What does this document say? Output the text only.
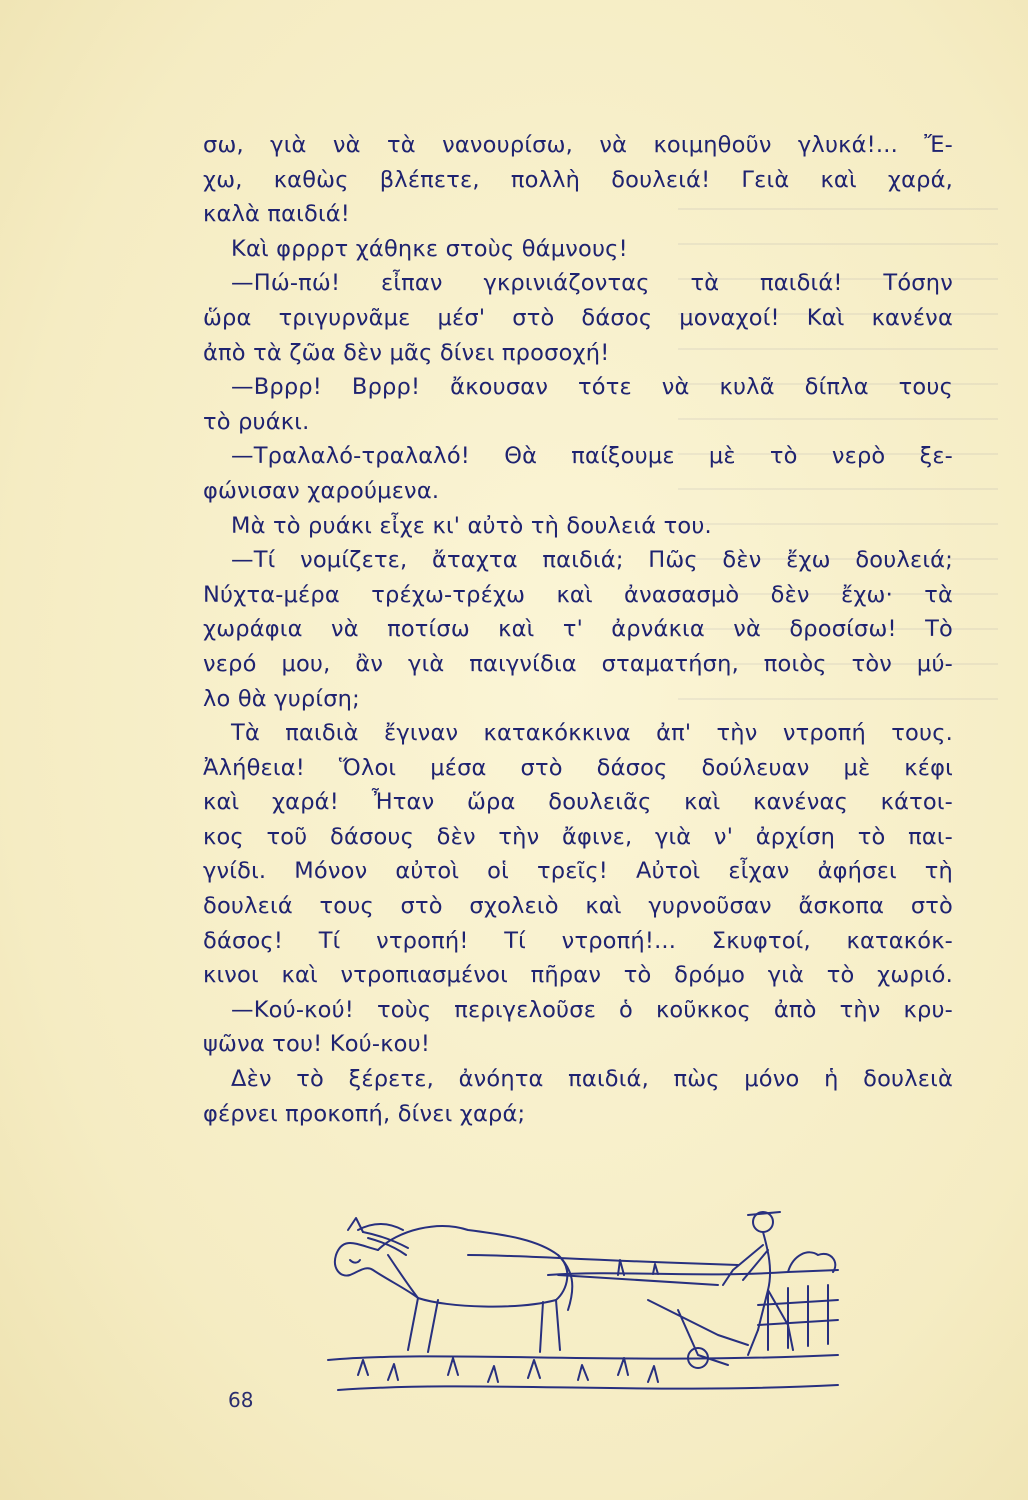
σω, γιὰ νὰ τὰ νανουρίσω, νὰ κοιμηθοῦν γλυκά!... Ἔ-
χω, καθὼς βλέπετε, πολλὴ δουλειά! Γειὰ καὶ χαρά,
καλὰ παιδιά!
Καὶ φρρρτ χάθηκε στοὺς θάμνους!
—Πώ-πώ! εἶπαν γκρινιάζοντας τὰ παιδιά! Τόσην
ὥρα τριγυρνᾶμε μέσ' στὸ δάσος μοναχοί! Καὶ κανένα
ἀπὸ τὰ ζῶα δὲν μᾶς δίνει προσοχή!
—Βρρρ! Βρρρ! ἄκουσαν τότε νὰ κυλᾶ δίπλα τους
τὸ ρυάκι.
—Τραλαλό-τραλαλό! Θὰ παίξουμε μὲ τὸ νερὸ ξε-
φώνισαν χαρούμενα.
Μὰ τὸ ρυάκι εἶχε κι' αὐτὸ τὴ δουλειά του.
—Τί νομίζετε, ἄταχτα παιδιά; Πῶς δὲν ἔχω δουλειά;
Νύχτα-μέρα τρέχω-τρέχω καὶ ἀνασασμὸ δὲν ἔχω· τὰ
χωράφια νὰ ποτίσω καὶ τ' ἀρνάκια νὰ δροσίσω! Τὸ
νερό μου, ἂν γιὰ παιγνίδια σταματήση, ποιὸς τὸν μύ-
λο θὰ γυρίση;
Τὰ παιδιὰ ἔγιναν κατακόκκινα ἀπ' τὴν ντροπή τους.
Ἀλήθεια! Ὅλοι μέσα στὸ δάσος δούλευαν μὲ κέφι
καὶ χαρά! Ἦταν ὥρα δουλειᾶς καὶ κανένας κάτοι-
κος τοῦ δάσους δὲν τὴν ἄφινε, γιὰ ν' ἀρχίση τὸ παι-
γνίδι. Μόνον αὐτοὶ οἱ τρεῖς! Αὐτοὶ εἶχαν ἀφήσει τὴ
δουλειά τους στὸ σχολειὸ καὶ γυρνοῦσαν ἄσκοπα στὸ
δάσος! Τί ντροπή! Τί ντροπή!... Σκυφτοί, κατακόκ-
κινοι καὶ ντροπιασμένοι πῆραν τὸ δρόμο γιὰ τὸ χωριό.
—Κού-κού! τοὺς περιγελοῦσε ὁ κοῦκκος ἀπὸ τὴν κρυ-
ψῶνα του! Κού-κου!
Δὲν τὸ ξέρετε, ἀνόητα παιδιά, πὼς μόνο ἡ δουλειὰ
φέρνει προκοπή, δίνει χαρά;
68
